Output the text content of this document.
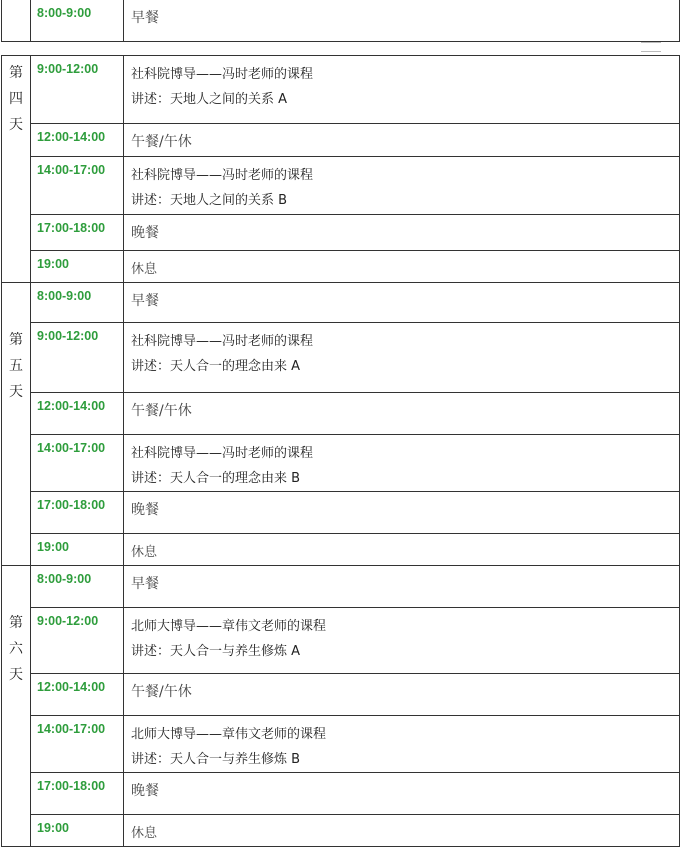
	8:00-9:00	早餐
第
四
天	9:00-12:00	社科院博导——冯时老师的课程
讲述：天地人之间的关系 A

	12:00-14:00	午餐/午休

	14:00-17:00	社科院博导——冯时老师的课程
讲述：天地人之间的关系 B

	17:00-18:00	晚餐

	19:00	休息

第
五
天	8:00-9:00	早餐

	9:00-12:00	社科院博导——冯时老师的课程
讲述：天人合一的理念由来 A

	12:00-14:00	午餐/午休

	14:00-17:00	社科院博导——冯时老师的课程
讲述：天人合一的理念由来 B

	17:00-18:00	晚餐

	19:00	休息

第
六
天	8:00-9:00	早餐

	9:00-12:00	北师大博导——章伟文老师的课程
讲述：天人合一与养生修炼 A

	12:00-14:00	午餐/午休

	14:00-17:00	北师大博导——章伟文老师的课程
讲述：天人合一与养生修炼 B

	17:00-18:00	晚餐

	19:00	休息
